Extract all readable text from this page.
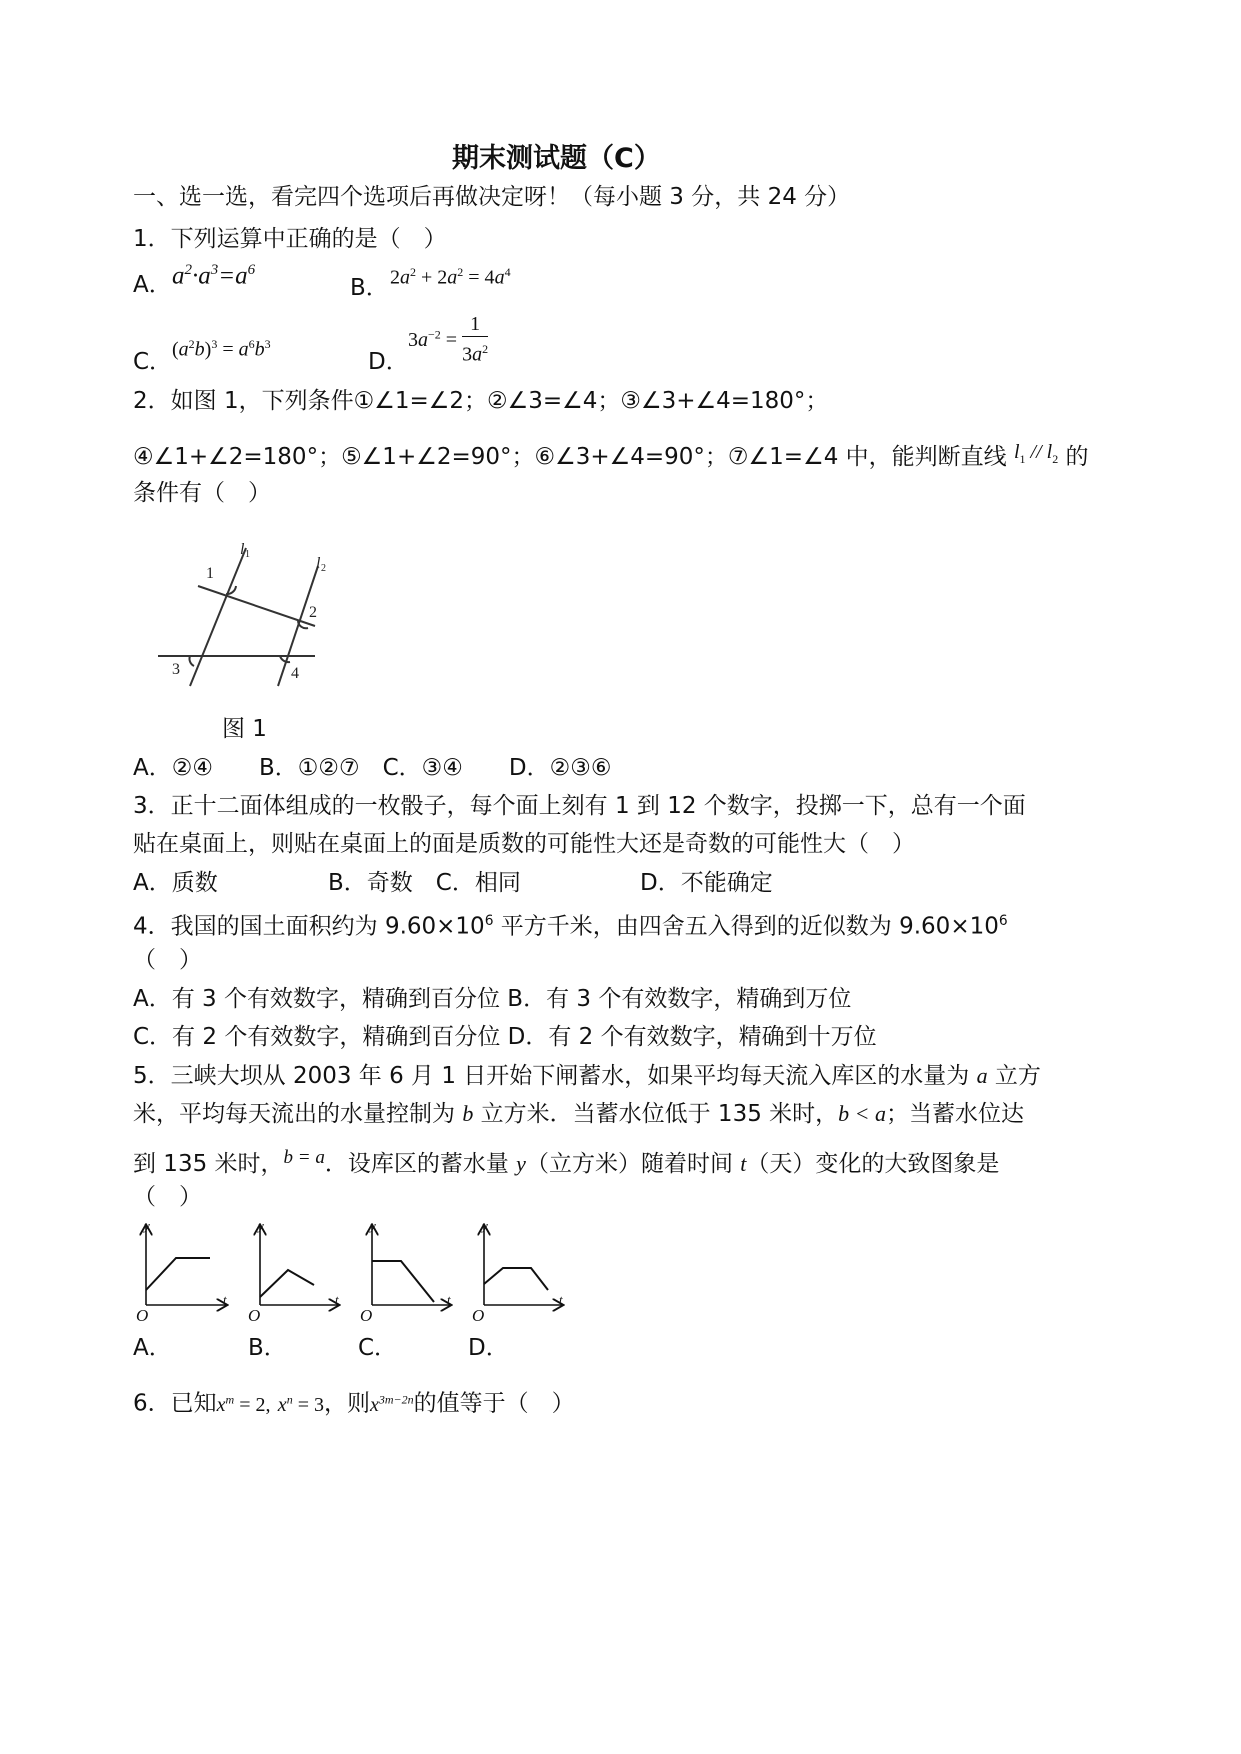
期末测试题（C）
一、选一选，看完四个选项后再做决定呀！（每小题 3 分，共 24 分）
1．下列运算中正确的是（　）
A． $a^2\cdot a^3=a^6$
B． $2a^2 + 2a^2 = 4a^4$
C． $(a^2b)^3 = a^6b^3$
D．
$3a^{-2} = \frac{1}{3a^2}$
2．如图 1，下列条件①∠1=∠2；②∠3=∠4；③∠3+∠4=180°；
④∠1+∠2=180°；⑤∠1+∠2=90°；⑥∠3+∠4=90°；⑦∠1=∠4 中，能判断直线 $l_1 // l_2$ 的
条件有（　）
1
2
3	4
l 1
l 2
图 1
A．②④　　B．①②⑦　C．③④　　D．②③⑥
3．正十二面体组成的一枚骰子，每个面上刻有 1 到 12 个数字，投掷一下，总有一个面
贴在桌面上，则贴在桌面上的面是质数的可能性大还是奇数的可能性大（　）
A．质数	B．奇数　C．相同	D．不能确定
4．我国的国土面积约为 $9.60\times 10^6$ 平方千米，由四舍五入得到的近似数为 $9.60\times 10^6$
（　）
A．有 3 个有效数字，精确到百分位 B．有 3 个有效数字，精确到万位
C．有 2 个有效数字，精确到百分位 D．有 2 个有效数字，精确到十万位
5．三峡大坝从 2003 年 6 月 1 日开始下闸蓄水，如果平均每天流入库区的水量为 a 立方
米，平均每天流出的水量控制为 b 立方米．当蓄水位低于 135 米时，b < a；当蓄水位达
到 135 米时，$^{b = a}$．设库区的蓄水量 y（立方米）随着时间 t（天）变化的大致图象是
（　）
y
t
O
y
t
O
y
t
O
y
t
O
A．	B．	C．	D．
6．已知$x^m = 2$, $x^n = 3$，则$x^{3m-2n}$的值等于（　）
